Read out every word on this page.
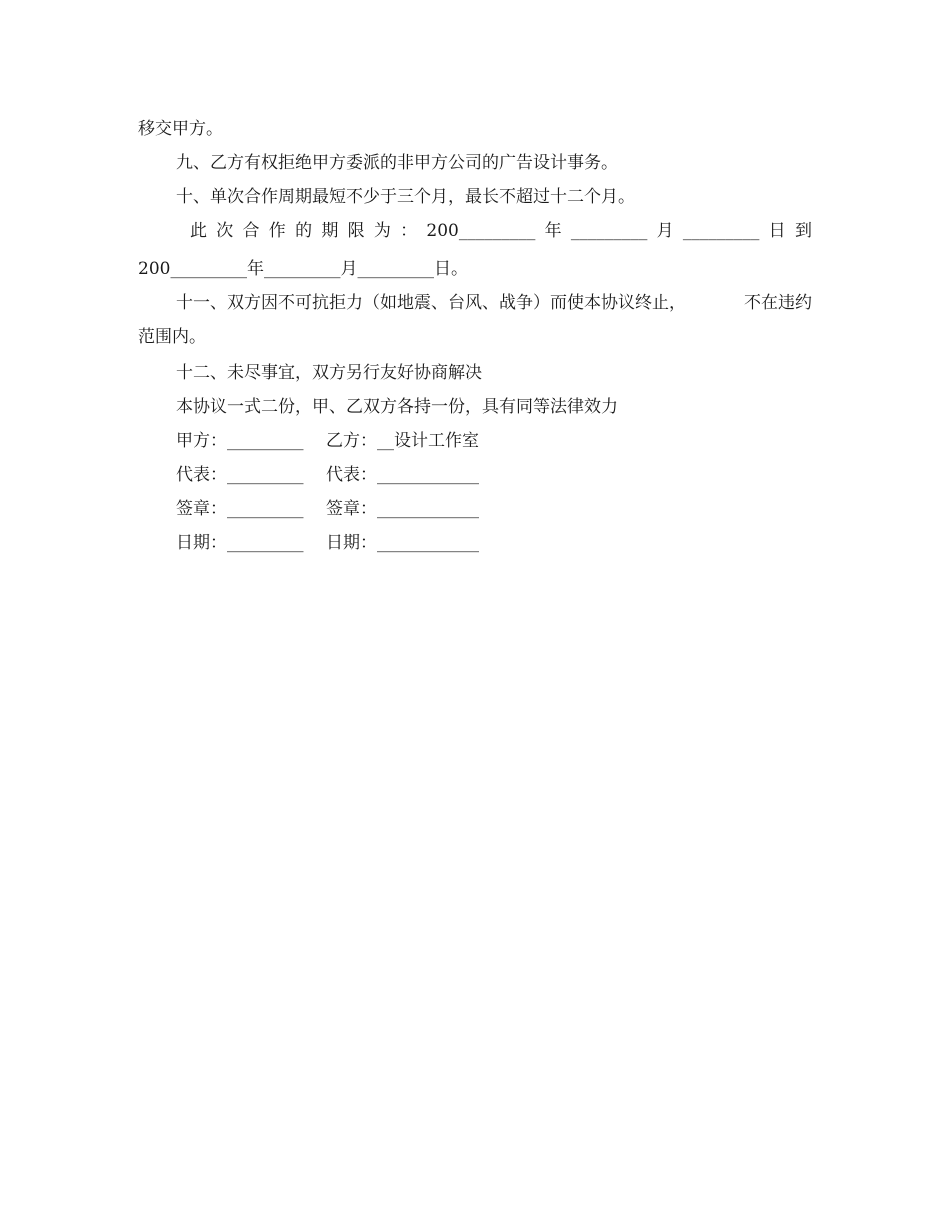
移交甲方。
九、乙方有权拒绝甲方委派的非甲方公司的广告设计事务。
十、单次合作周期最短不少于三个月，最长不超过十二个月。
此 次 合 作 的 期 限 为 ： 200_________ 年 _________ 月 _________ 日 到
200_________年_________月_________日。
十一、双方因不可抗拒力（如地震、台风、战争）而使本协议终止，	不在违约
范围内。
十二、未尽事宜，双方另行友好协商解决
本协议一式二份，甲、乙双方各持一份，具有同等法律效力
甲方：_________ 乙方：__设计工作室
代表：_________ 代表：____________
签章：_________ 签章：____________
日期：_________ 日期：____________
